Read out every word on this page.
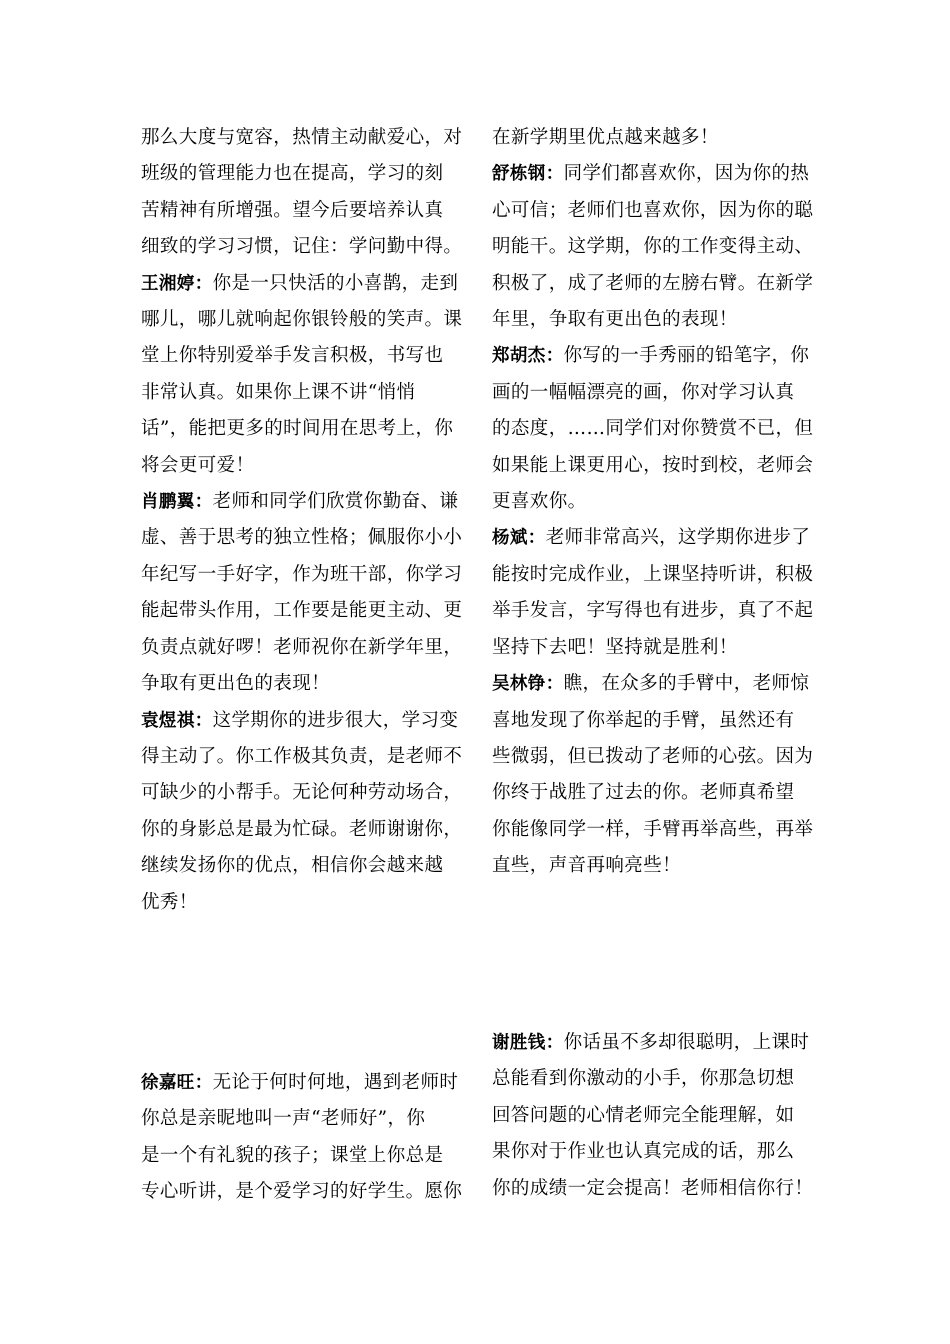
那么大度与宽容，热情主动献爱心，对

班级的管理能力也在提高，学习的刻

苦精神有所增强。望今后要培养认真

细致的学习习惯，记住：学问勤中得。

王湘婷：你是一只快活的小喜鹊，走到

哪儿，哪儿就响起你银铃般的笑声。课

堂上你特别爱举手发言积极，书写也

非常认真。如果你上课不讲“悄悄

话”，能把更多的时间用在思考上，你

将会更可爱！

肖鹏翼：老师和同学们欣赏你勤奋、谦

虚、善于思考的独立性格；佩服你小小

年纪写一手好字，作为班干部，你学习

能起带头作用，工作要是能更主动、更

负责点就好啰！老师祝你在新学年里，

争取有更出色的表现！

袁煜祺：这学期你的进步很大，学习变

得主动了。你工作极其负责，是老师不

可缺少的小帮手。无论何种劳动场合，

你的身影总是最为忙碌。老师谢谢你，

继续发扬你的优点，相信你会越来越

优秀！

在新学期里优点越来越多！

舒栋钢：同学们都喜欢你，因为你的热

心可信；老师们也喜欢你，因为你的聪

明能干。这学期，你的工作变得主动、

积极了，成了老师的左膀右臂。在新学

年里，争取有更出色的表现！

郑胡杰：你写的一手秀丽的铅笔字，你

画的一幅幅漂亮的画，你对学习认真

的态度，……同学们对你赞赏不已，但

如果能上课更用心，按时到校，老师会

更喜欢你。

杨斌：老师非常高兴，这学期你进步了

能按时完成作业，上课坚持听讲，积极

举手发言，字写得也有进步，真了不起

坚持下去吧！坚持就是胜利！

吴林铮：瞧，在众多的手臂中，老师惊

喜地发现了你举起的手臂，虽然还有

些微弱，但已拨动了老师的心弦。因为

你终于战胜了过去的你。老师真希望

你能像同学一样，手臂再举高些，再举

直些，声音再响亮些！

徐嘉旺：无论于何时何地，遇到老师时

你总是亲昵地叫一声“老师好”，你

是一个有礼貌的孩子；课堂上你总是

专心听讲，是个爱学习的好学生。愿你

谢胜钱：你话虽不多却很聪明，上课时

总能看到你激动的小手，你那急切想

回答问题的心情老师完全能理解，如

果你对于作业也认真完成的话，那么

你的成绩一定会提高！老师相信你行！
